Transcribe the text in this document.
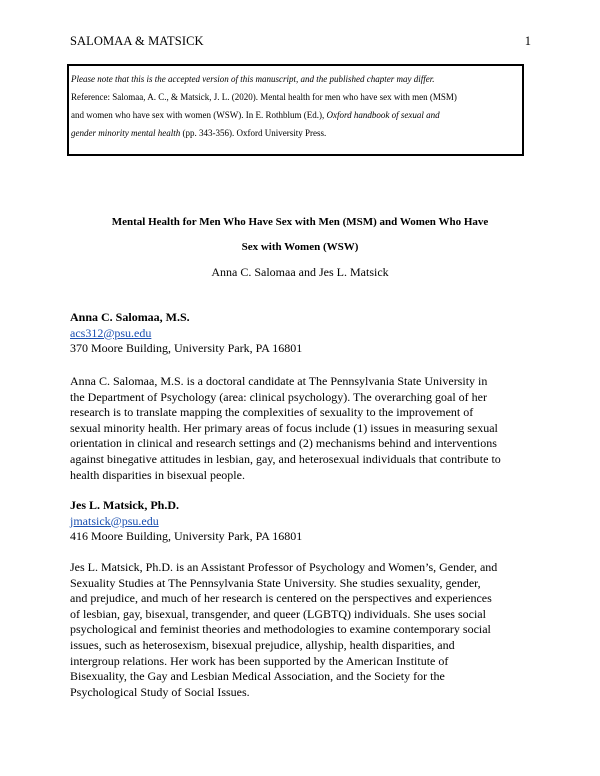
SALOMAA & MATSICK	1
Please note that this is the accepted version of this manuscript, and the published chapter may differ.
Reference: Salomaa, A. C., & Matsick, J. L. (2020). Mental health for men who have sex with men (MSM)
and women who have sex with women (WSW). In E. Rothblum (Ed.), Oxford handbook of sexual and
gender minority mental health (pp. 343-356). Oxford University Press.
Mental Health for Men Who Have Sex with Men (MSM) and Women Who Have
Sex with Women (WSW)
Anna C. Salomaa and Jes L. Matsick
Anna C. Salomaa, M.S.
acs312@psu.edu
370 Moore Building, University Park, PA 16801
Anna C. Salomaa, M.S. is a doctoral candidate at The Pennsylvania State University in
the Department of Psychology (area: clinical psychology). The overarching goal of her
research is to translate mapping the complexities of sexuality to the improvement of
sexual minority health. Her primary areas of focus include (1) issues in measuring sexual
orientation in clinical and research settings and (2) mechanisms behind and interventions
against binegative attitudes in lesbian, gay, and heterosexual individuals that contribute to
health disparities in bisexual people.
Jes L. Matsick, Ph.D.
jmatsick@psu.edu
416 Moore Building, University Park, PA 16801
Jes L. Matsick, Ph.D. is an Assistant Professor of Psychology and Women’s, Gender, and
Sexuality Studies at The Pennsylvania State University. She studies sexuality, gender,
and prejudice, and much of her research is centered on the perspectives and experiences
of lesbian, gay, bisexual, transgender, and queer (LGBTQ) individuals. She uses social
psychological and feminist theories and methodologies to examine contemporary social
issues, such as heterosexism, bisexual prejudice, allyship, health disparities, and
intergroup relations. Her work has been supported by the American Institute of
Bisexuality, the Gay and Lesbian Medical Association, and the Society for the
Psychological Study of Social Issues.
